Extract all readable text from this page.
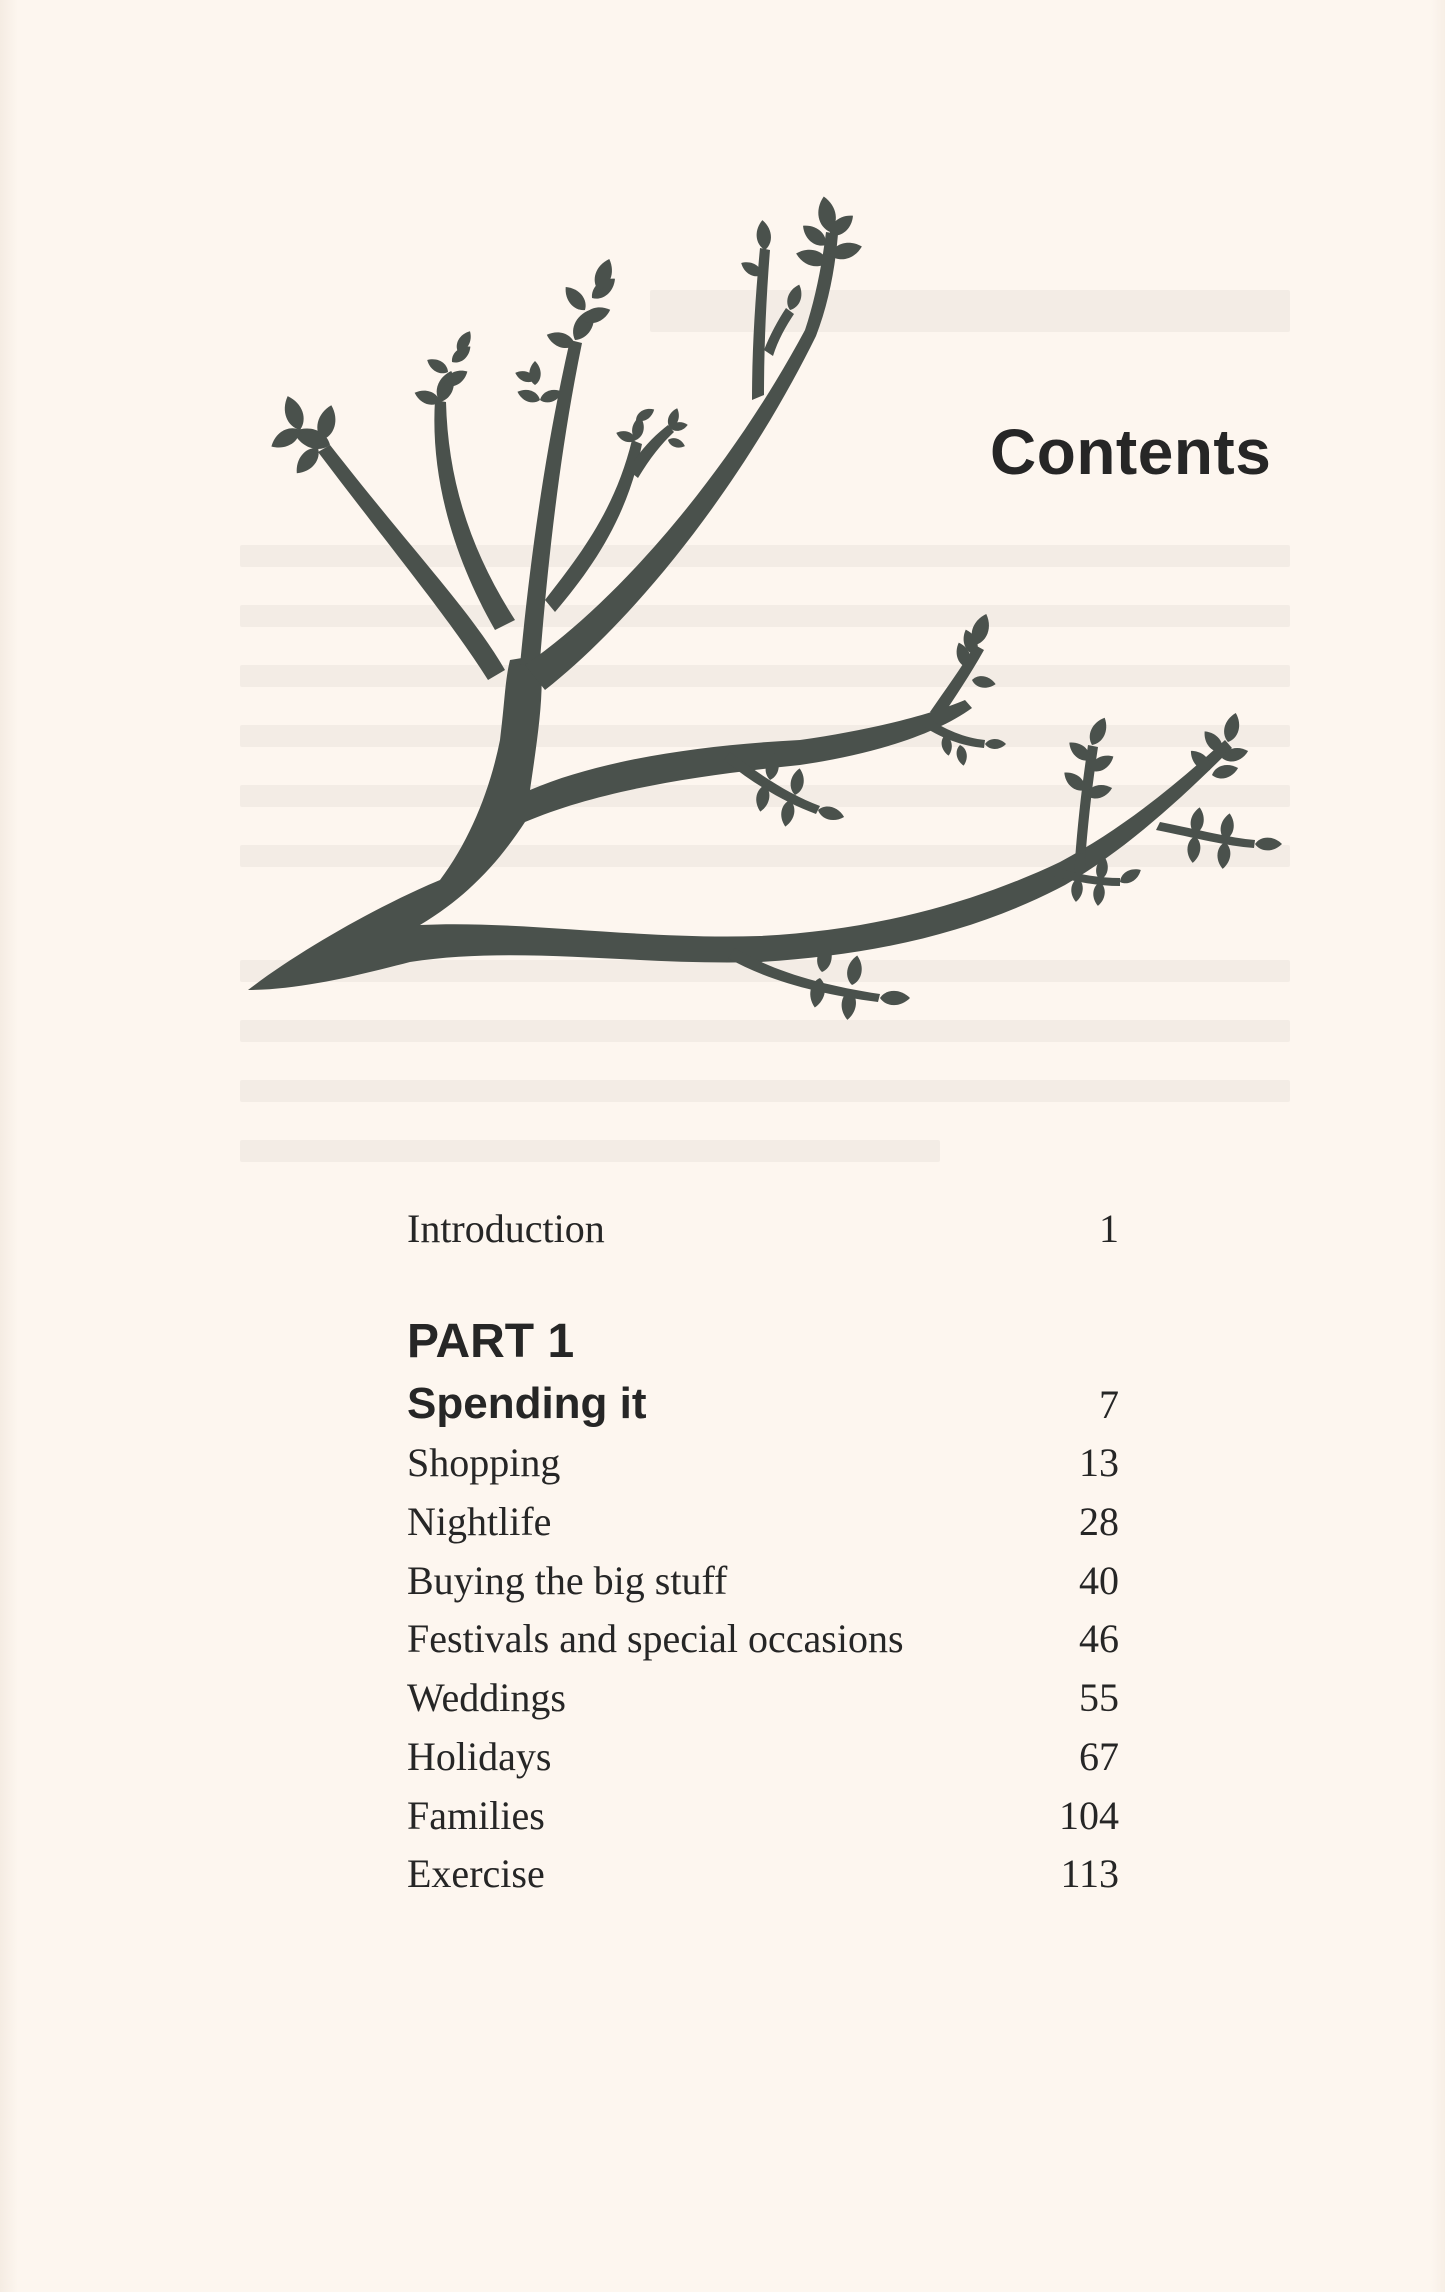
Contents
Introduction	1
PART 1
Spending it	7
Shopping	13
Nightlife	28
Buying the big stuff	40
Festivals and special occasions	46
Weddings	55
Holidays	67
Families	104
Exercise	113
